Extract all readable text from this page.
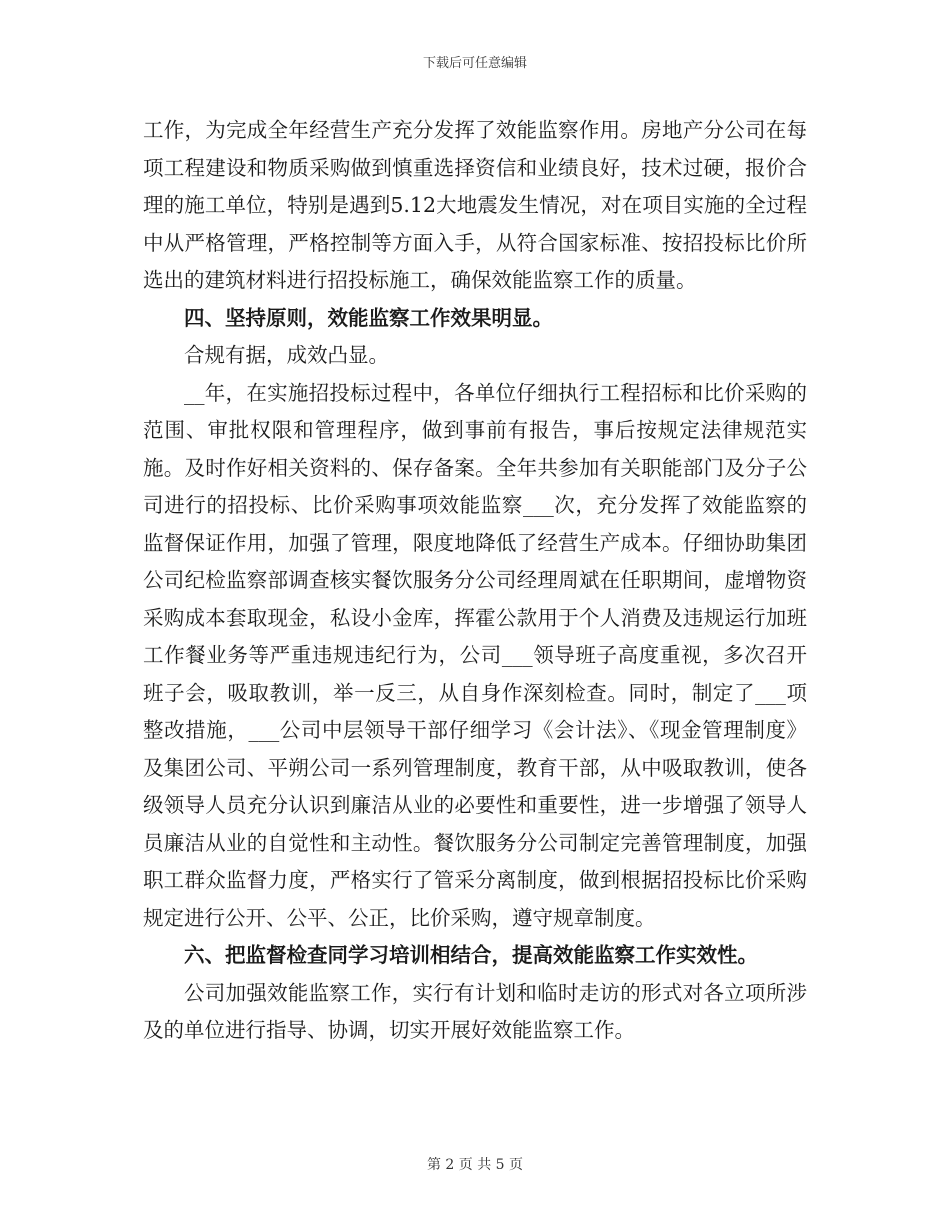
下载后可任意编辑

工作，为完成全年经营生产充分发挥了效能监察作用。房地产分公司在每项工程建设和物质采购做到慎重选择资信和业绩良好，技术过硬，报价合理的施工单位，特别是遇到5.12大地震发生情况，对在项目实施的全过程中从严格管理，严格控制等方面入手，从符合国家标准、按招投标比价所选出的建筑材料进行招投标施工，确保效能监察工作的质量。

四、坚持原则，效能监察工作效果明显。

合规有据，成效凸显。

__年，在实施招投标过程中，各单位仔细执行工程招标和比价采购的范围、审批权限和管理程序，做到事前有报告，事后按规定法律规范实施。及时作好相关资料的、保存备案。全年共参加有关职能部门及分子公司进行的招投标、比价采购事项效能监察___次，充分发挥了效能监察的监督保证作用，加强了管理，限度地降低了经营生产成本。仔细协助集团公司纪检监察部调查核实餐饮服务分公司经理周斌在任职期间，虚增物资采购成本套取现金，私设小金库，挥霍公款用于个人消费及违规运行加班工作餐业务等严重违规违纪行为，公司___领导班子高度重视，多次召开班子会，吸取教训，举一反三，从自身作深刻检查。同时，制定了___项整改措施，___公司中层领导干部仔细学习《会计法》、《现金管理制度》及集团公司、平朔公司一系列管理制度，教育干部，从中吸取教训，使各级领导人员充分认识到廉洁从业的必要性和重要性，进一步增强了领导人员廉洁从业的自觉性和主动性。餐饮服务分公司制定完善管理制度，加强职工群众监督力度，严格实行了管采分离制度，做到根据招投标比价采购规定进行公开、公平、公正，比价采购，遵守规章制度。

六、把监督检查同学习培训相结合，提高效能监察工作实效性。

公司加强效能监察工作，实行有计划和临时走访的形式对各立项所涉及的单位进行指导、协调，切实开展好效能监察工作。

第 2 页 共 5 页
